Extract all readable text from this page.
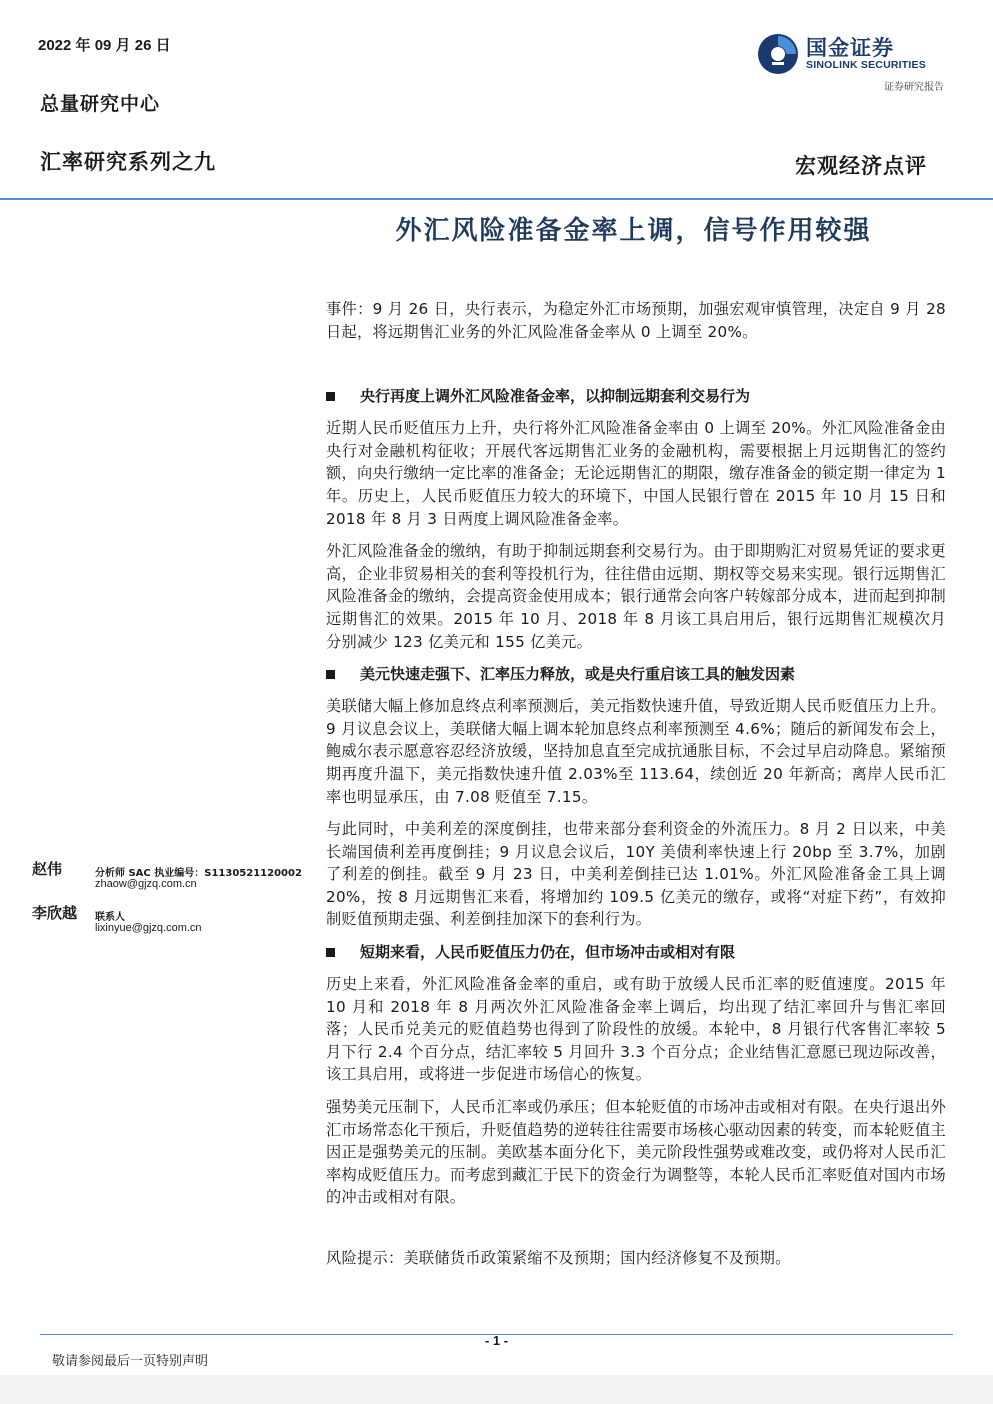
2022 年 09 月 26 日
总量研究中心
汇率研究系列之九	宏观经济点评
国金证券
SINOLINK SECURITIES
证券研究报告
外汇风险准备金率上调，信号作用较强
赵伟	分析师 SAC 执业编号：S1130521120002
zhaow@gjzq.com.cn
李欣越 联系人
lixinyue@gjzq.com.cn

事件：9 月 26 日，央行表示，为稳定外汇市场预期，加强宏观审慎管理，决定自 9 月 28 日起，将远期售汇业务的外汇风险准备金率从 0 上调至 20%。

央行再度上调外汇风险准备金率，以抑制远期套利交易行为

近期人民币贬值压力上升，央行将外汇风险准备金率由 0 上调至 20%。外汇风险准备金由央行对金融机构征收；开展代客远期售汇业务的金融机构，需要根据上月远期售汇的签约额，向央行缴纳一定比率的准备金；无论远期售汇的期限，缴存准备金的锁定期一律定为 1 年。历史上，人民币贬值压力较大的环境下，中国人民银行曾在 2015 年 10 月 15 日和 2018 年 8 月 3 日两度上调风险准备金率。

外汇风险准备金的缴纳，有助于抑制远期套利交易行为。由于即期购汇对贸易凭证的要求更高，企业非贸易相关的套利等投机行为，往往借由远期、期权等交易来实现。银行远期售汇风险准备金的缴纳，会提高资金使用成本；银行通常会向客户转嫁部分成本，进而起到抑制远期售汇的效果。2015 年 10 月、2018 年 8 月该工具启用后，银行远期售汇规模次月分别减少 123 亿美元和 155 亿美元。

美元快速走强下、汇率压力释放，或是央行重启该工具的触发因素

美联储大幅上修加息终点利率预测后，美元指数快速升值，导致近期人民币贬值压力上升。9 月议息会议上，美联储大幅上调本轮加息终点利率预测至 4.6%；随后的新闻发布会上，鲍威尔表示愿意容忍经济放缓，坚持加息直至完成抗通胀目标，不会过早启动降息。紧缩预期再度升温下，美元指数快速升值 2.03%至 113.64，续创近 20 年新高；离岸人民币汇率也明显承压，由 7.08 贬值至 7.15。

与此同时，中美利差的深度倒挂，也带来部分套利资金的外流压力。8 月 2 日以来，中美长端国债利差再度倒挂；9 月议息会议后，10Y 美债利率快速上行 20bp 至 3.7%，加剧了利差的倒挂。截至 9 月 23 日，中美利差倒挂已达 1.01%。外汇风险准备金工具上调 20%，按 8 月远期售汇来看，将增加约 109.5 亿美元的缴存，或将“对症下药”，有效抑制贬值预期走强、利差倒挂加深下的套利行为。

短期来看，人民币贬值压力仍在，但市场冲击或相对有限

历史上来看，外汇风险准备金率的重启，或有助于放缓人民币汇率的贬值速度。2015 年 10 月和 2018 年 8 月两次外汇风险准备金率上调后，均出现了结汇率回升与售汇率回落；人民币兑美元的贬值趋势也得到了阶段性的放缓。本轮中，8 月银行代客售汇率较 5 月下行 2.4 个百分点，结汇率较 5 月回升 3.3 个百分点；企业结售汇意愿已现边际改善，该工具启用，或将进一步促进市场信心的恢复。

强势美元压制下，人民币汇率或仍承压；但本轮贬值的市场冲击或相对有限。在央行退出外汇市场常态化干预后，升贬值趋势的逆转往往需要市场核心驱动因素的转变，而本轮贬值主因正是强势美元的压制。美欧基本面分化下，美元阶段性强势或难改变，或仍将对人民币汇率构成贬值压力。而考虑到藏汇于民下的资金行为调整等，本轮人民币汇率贬值对国内市场的冲击或相对有限。

风险提示：美联储货币政策紧缩不及预期；国内经济修复不及预期。

- 1 -
敬请参阅最后一页特别声明
